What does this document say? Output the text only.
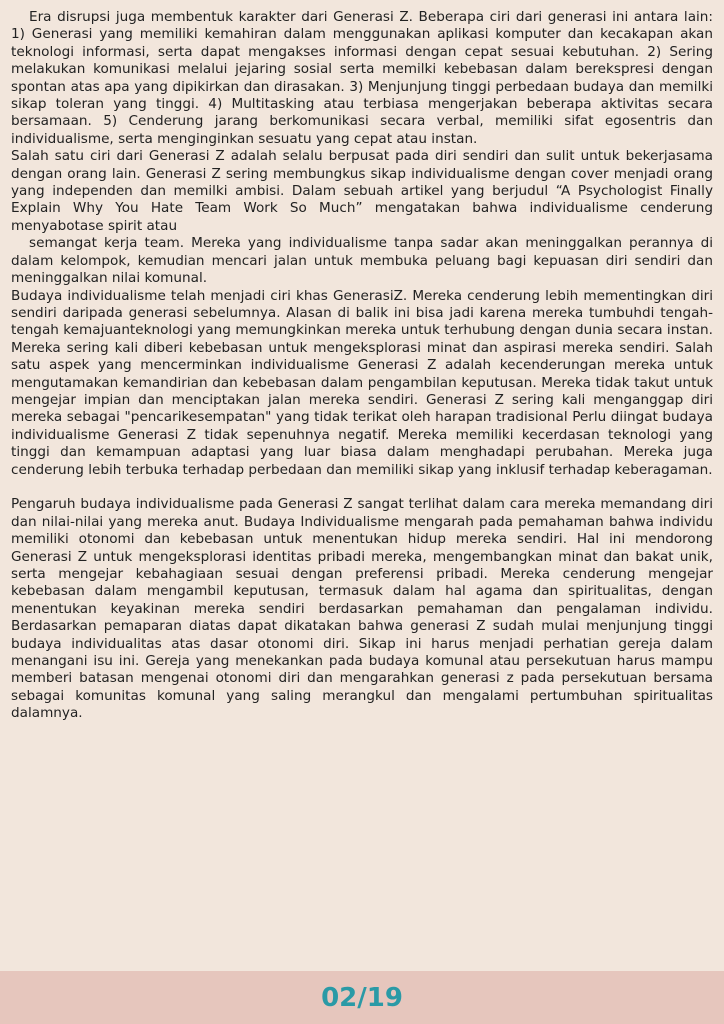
Era disrupsi juga membentuk karakter dari Generasi Z. Beberapa ciri dari generasi ini antara lain: 1) Generasi yang memiliki kemahiran dalam menggunakan aplikasi komputer dan kecakapan akan teknologi informasi, serta dapat mengakses informasi dengan cepat sesuai kebutuhan. 2) Sering melakukan komunikasi melalui jejaring sosial serta memilki kebebasan dalam berekspresi dengan spontan atas apa yang dipikirkan dan dirasakan. 3) Menjunjung tinggi perbedaan budaya dan memilki sikap toleran yang tinggi. 4) Multitasking atau terbiasa mengerjakan beberapa aktivitas secara bersamaan. 5) Cenderung jarang berkomunikasi secara verbal, memiliki sifat egosentris dan individualisme, serta menginginkan sesuatu yang cepat atau instan.

Salah satu ciri dari Generasi Z adalah selalu berpusat pada diri sendiri dan sulit untuk bekerjasama dengan orang lain. Generasi Z sering membungkus sikap individualisme dengan cover menjadi orang yang independen dan memilki ambisi. Dalam sebuah artikel yang berjudul “A Psychologist Finally Explain Why You Hate Team Work So Much” mengatakan bahwa individualisme cenderung menyabotase spirit atau

semangat kerja team. Mereka yang individualisme tanpa sadar akan meninggalkan perannya di dalam kelompok, kemudian mencari jalan untuk membuka peluang bagi kepuasan diri sendiri dan meninggalkan nilai komunal.

Budaya individualisme telah menjadi ciri khas GenerasiZ. Mereka cenderung lebih mementingkan diri sendiri daripada generasi sebelumnya. Alasan di balik ini bisa jadi karena mereka tumbuhdi tengah-tengah kemajuanteknologi yang memungkinkan mereka untuk terhubung dengan dunia secara instan. Mereka sering kali diberi kebebasan untuk mengeksplorasi minat dan aspirasi mereka sendiri. Salah satu aspek yang mencerminkan individualisme Generasi Z adalah kecenderungan mereka untuk mengutamakan kemandirian dan kebebasan dalam pengambilan keputusan. Mereka tidak takut untuk mengejar impian dan menciptakan jalan mereka sendiri. Generasi Z sering kali menganggap diri mereka sebagai "pencarikesempatan" yang tidak terikat oleh harapan tradisional Perlu diingat budaya individualisme Generasi Z tidak sepenuhnya negatif. Mereka memiliki kecerdasan teknologi yang tinggi dan kemampuan adaptasi yang luar biasa dalam menghadapi perubahan. Mereka juga cenderung lebih terbuka terhadap perbedaan dan memiliki sikap yang inklusif terhadap keberagaman.

Pengaruh budaya individualisme pada Generasi Z sangat terlihat dalam cara mereka memandang diri dan nilai-nilai yang mereka anut. Budaya Individualisme mengarah pada pemahaman bahwa individu memiliki otonomi dan kebebasan untuk menentukan hidup mereka sendiri. Hal ini mendorong Generasi Z untuk mengeksplorasi identitas pribadi mereka, mengembangkan minat dan bakat unik, serta mengejar kebahagiaan sesuai dengan preferensi pribadi. Mereka cenderung mengejar kebebasan dalam mengambil keputusan, termasuk dalam hal agama dan spiritualitas, dengan menentukan keyakinan mereka sendiri berdasarkan pemahaman dan pengalaman individu. Berdasarkan pemaparan diatas dapat dikatakan bahwa generasi Z sudah mulai menjunjung tinggi budaya individualitas atas dasar otonomi diri. Sikap ini harus menjadi perhatian gereja dalam menangani isu ini. Gereja yang menekankan pada budaya komunal atau persekutuan harus mampu memberi batasan mengenai otonomi diri dan mengarahkan generasi z pada persekutuan bersama sebagai komunitas komunal yang saling merangkul dan mengalami pertumbuhan spiritualitas dalamnya.

02/19
